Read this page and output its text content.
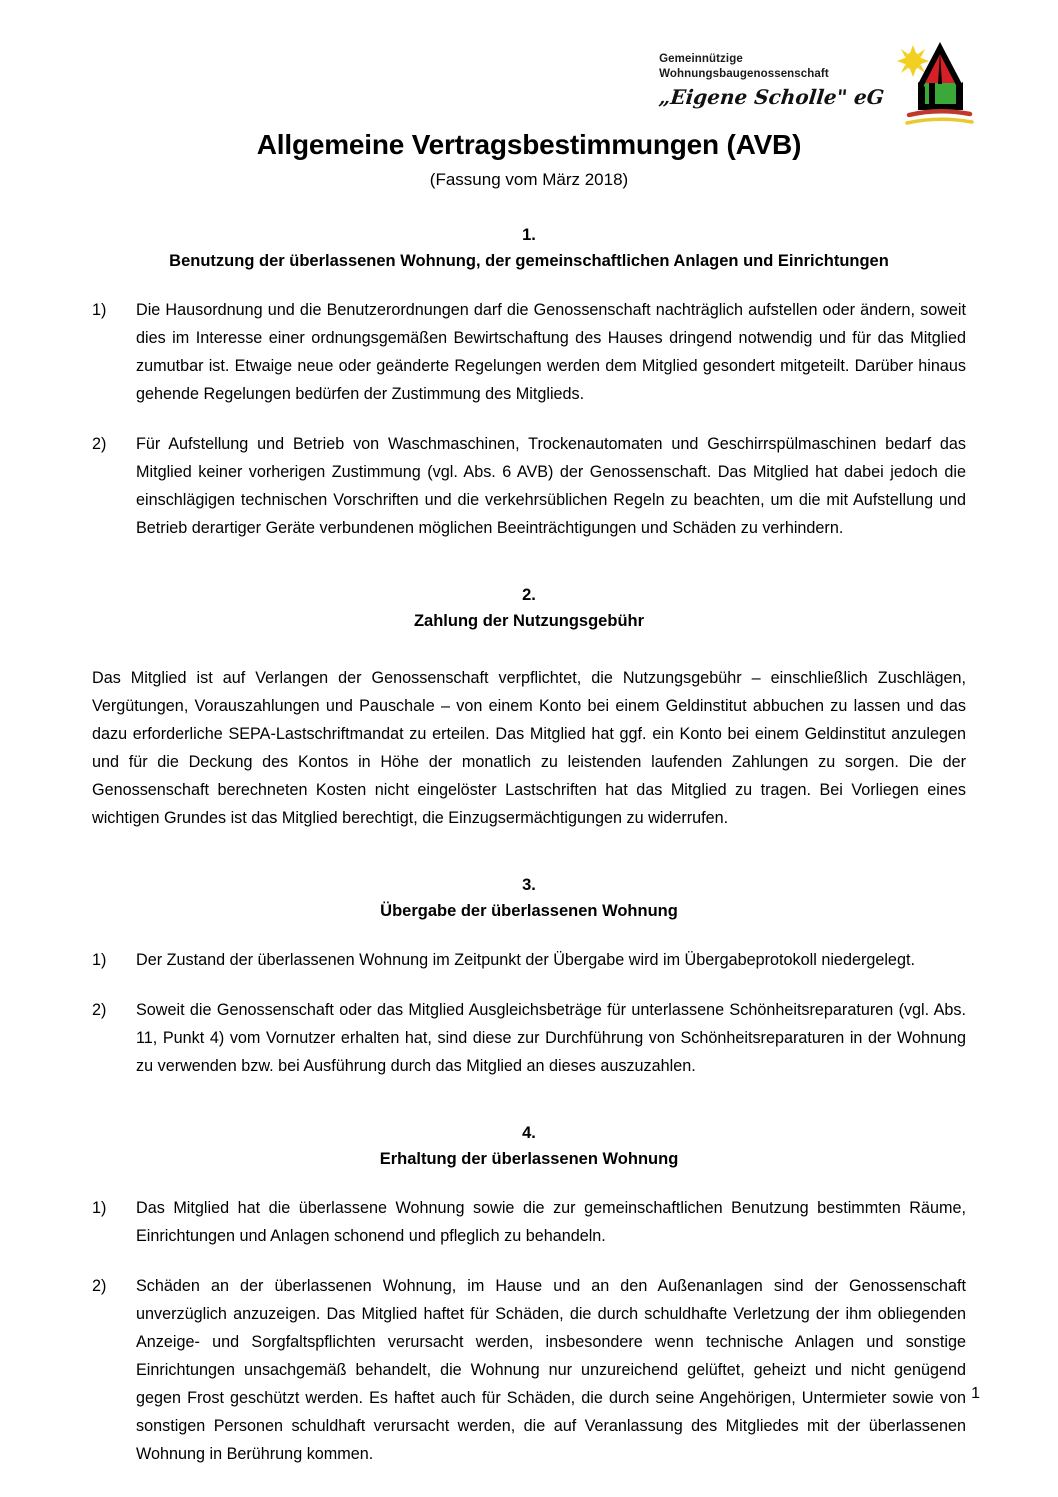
Gemeinnützige
Wohnungsbaugenossenschaft
„Eigene Scholle" eG
Allgemeine Vertragsbestimmungen (AVB)
(Fassung vom März 2018)
1.
Benutzung der überlassenen Wohnung, der gemeinschaftlichen Anlagen und Einrichtungen
1)	Die Hausordnung und die Benutzerordnungen darf die Genossenschaft nachträglich aufstellen oder ändern, soweit dies im Interesse einer ordnungsgemäßen Bewirtschaftung des Hauses dringend notwendig und für das Mitglied zumutbar ist. Etwaige neue oder geänderte Regelungen werden dem Mitglied gesondert mitgeteilt. Darüber hinaus gehende Regelungen bedürfen der Zustimmung des Mitglieds.
2)	Für Aufstellung und Betrieb von Waschmaschinen, Trockenautomaten und Geschirrspülmaschinen bedarf das Mitglied keiner vorherigen Zustimmung (vgl. Abs. 6 AVB) der Genossenschaft. Das Mitglied hat dabei jedoch die einschlägigen technischen Vorschriften und die verkehrsüblichen Regeln zu beachten, um die mit Aufstellung und Betrieb derartiger Geräte verbundenen möglichen Beeinträchtigungen und Schäden zu verhindern.
2.
Zahlung der Nutzungsgebühr
Das Mitglied ist auf Verlangen der Genossenschaft verpflichtet, die Nutzungsgebühr – einschließlich Zuschlägen, Vergütungen, Vorauszahlungen und Pauschale – von einem Konto bei einem Geldinstitut abbuchen zu lassen und das dazu erforderliche SEPA-Lastschriftmandat zu erteilen. Das Mitglied hat ggf. ein Konto bei einem Geldinstitut anzulegen und für die Deckung des Kontos in Höhe der monatlich zu leistenden laufenden Zahlungen zu sorgen. Die der Genossenschaft berechneten Kosten nicht eingelöster Lastschriften hat das Mitglied zu tragen. Bei Vorliegen eines wichtigen Grundes ist das Mitglied berechtigt, die Einzugsermächtigungen zu widerrufen.
3.
Übergabe der überlassenen Wohnung
1)	Der Zustand der überlassenen Wohnung im Zeitpunkt der Übergabe wird im Übergabeprotokoll niedergelegt.
2)	Soweit die Genossenschaft oder das Mitglied Ausgleichsbeträge für unterlassene Schönheitsreparaturen (vgl. Abs. 11, Punkt 4) vom Vornutzer erhalten hat, sind diese zur Durchführung von Schönheitsreparaturen in der Wohnung zu verwenden bzw. bei Ausführung durch das Mitglied an dieses auszuzahlen.
4.
Erhaltung der überlassenen Wohnung
1)	Das Mitglied hat die überlassene Wohnung sowie die zur gemeinschaftlichen Benutzung bestimmten Räume, Einrichtungen und Anlagen schonend und pfleglich zu behandeln.
2)	Schäden an der überlassenen Wohnung, im Hause und an den Außenanlagen sind der Genossenschaft unverzüglich anzuzeigen. Das Mitglied haftet für Schäden, die durch schuldhafte Verletzung der ihm obliegenden Anzeige- und Sorgfaltspflichten verursacht werden, insbesondere wenn technische Anlagen und sonstige Einrichtungen unsachgemäß behandelt, die Wohnung nur unzureichend gelüftet, geheizt und nicht genügend gegen Frost geschützt werden. Es haftet auch für Schäden, die durch seine Angehörigen, Untermieter sowie von sonstigen Personen schuldhaft verursacht werden, die auf Veranlassung des Mitgliedes mit der überlassenen Wohnung in Berührung kommen.
1
